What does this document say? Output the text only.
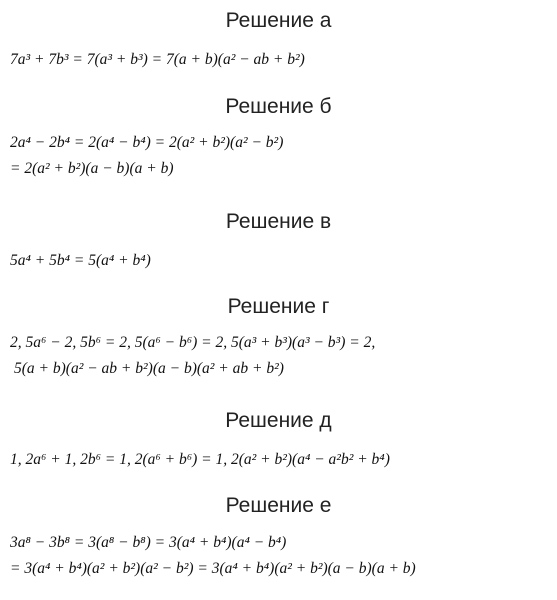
Решение а
7a³ + 7b³ = 7(a³ + b³) = 7(a + b)(a² − ab + b²)
Решение б
2a⁴ − 2b⁴ = 2(a⁴ − b⁴) = 2(a² + b²)(a² − b²)
= 2(a² + b²)(a − b)(a + b)
Решение в
5a⁴ + 5b⁴ = 5(a⁴ + b⁴)
Решение г
2, 5a⁶ − 2, 5b⁶ = 2, 5(a⁶ − b⁶) = 2, 5(a³ + b³)(a³ − b³) = 2,
5(a + b)(a² − ab + b²)(a − b)(a² + ab + b²)
Решение д
1, 2a⁶ + 1, 2b⁶ = 1, 2(a⁶ + b⁶) = 1, 2(a² + b²)(a⁴ − a²b² + b⁴)
Решение е
3a⁸ − 3b⁸ = 3(a⁸ − b⁸) = 3(a⁴ + b⁴)(a⁴ − b⁴)
= 3(a⁴ + b⁴)(a² + b²)(a² − b²) = 3(a⁴ + b⁴)(a² + b²)(a − b)(a + b)
